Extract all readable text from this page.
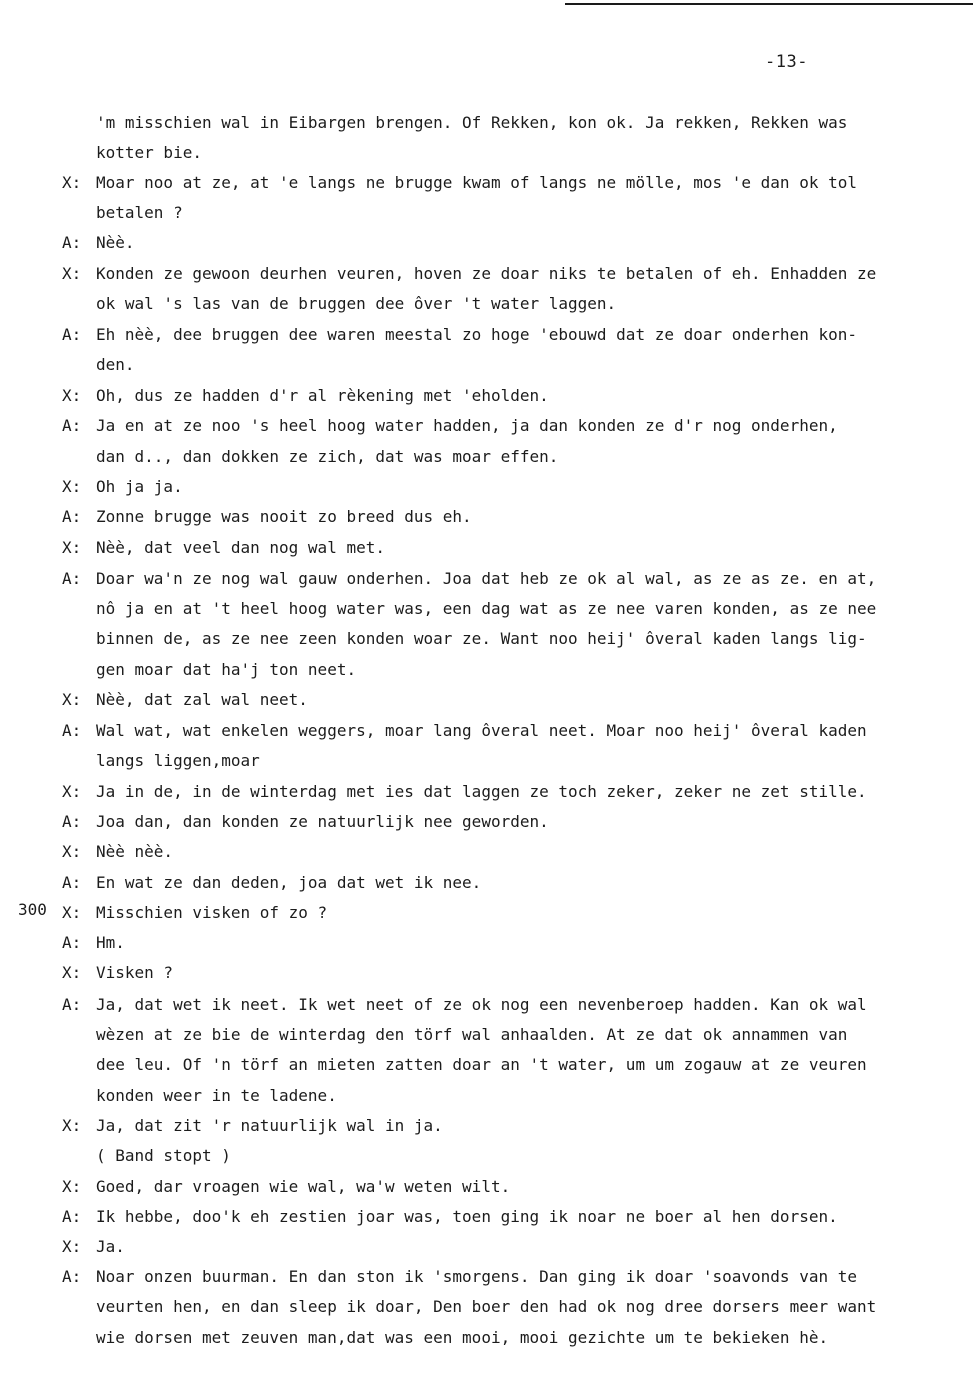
-13-
300
( Band stopt )
'm misschien wal in Eibargen brengen. Of Rekken, kon ok. Ja rekken, Rekken was
kotter bie.
X: Moar noo at ze, at 'e langs ne brugge kwam of langs ne mölle, mos 'e dan ok tol
betalen ?
A: Nèè.
X: Konden ze gewoon deurhen veuren, hoven ze doar niks te betalen of eh. Enhadden ze
ok wal 's las van de bruggen dee ôver 't water laggen.
A: Eh nèè, dee bruggen dee waren meestal zo hoge 'ebouwd dat ze doar onderhen kon-
den.
X: Oh, dus ze hadden d'r al rèkening met 'eholden.
A: Ja en at ze noo 's heel hoog water hadden, ja dan konden ze d'r nog onderhen,
dan d.., dan dokken ze zich, dat was moar effen.
X: Oh ja ja.
A: Zonne brugge was nooit zo breed dus eh.
X: Nèè, dat veel dan nog wal met.
A: Doar wa'n ze nog wal gauw onderhen. Joa dat heb ze ok al wal, as ze as ze. en at,
nô ja en at 't heel hoog water was, een dag wat as ze nee varen konden, as ze nee
binnen de, as ze nee zeen konden woar ze. Want noo heij' ôveral kaden langs lig-
gen moar dat ha'j ton neet.
X: Nèè, dat zal wal neet.
A: Wal wat, wat enkelen weggers, moar lang ôveral neet. Moar noo heij' ôveral kaden
langs liggen,moar
X: Ja in de, in de winterdag met ies dat laggen ze toch zeker, zeker ne zet stille.
A: Joa dan, dan konden ze natuurlijk nee geworden.
X: Nèè nèè.
A: En wat ze dan deden, joa dat wet ik nee.
X: Misschien visken of zo ?
A: Hm.
X: Visken ?
A: Ja, dat wet ik neet. Ik wet neet of ze ok nog een nevenberoep hadden. Kan ok wal
wèzen at ze bie de winterdag den törf wal anhaalden. At ze dat ok annammen van
dee leu. Of 'n törf an mieten zatten doar an 't water, um um zogauw at ze veuren
konden weer in te ladene.
X: Ja, dat zit 'r natuurlijk wal in ja.
X: Goed, dar vroagen wie wal, wa'w weten wilt.
A: Ik hebbe, doo'k eh zestien joar was, toen ging ik noar ne boer al hen dorsen.
X: Ja.
A: Noar onzen buurman. En dan ston ik 'smorgens. Dan ging ik doar 'soavonds van te
veurten hen, en dan sleep ik doar, Den boer den had ok nog dree dorsers meer want
wie dorsen met zeuven man,dat was een mooi, mooi gezichte um te bekieken hè.
